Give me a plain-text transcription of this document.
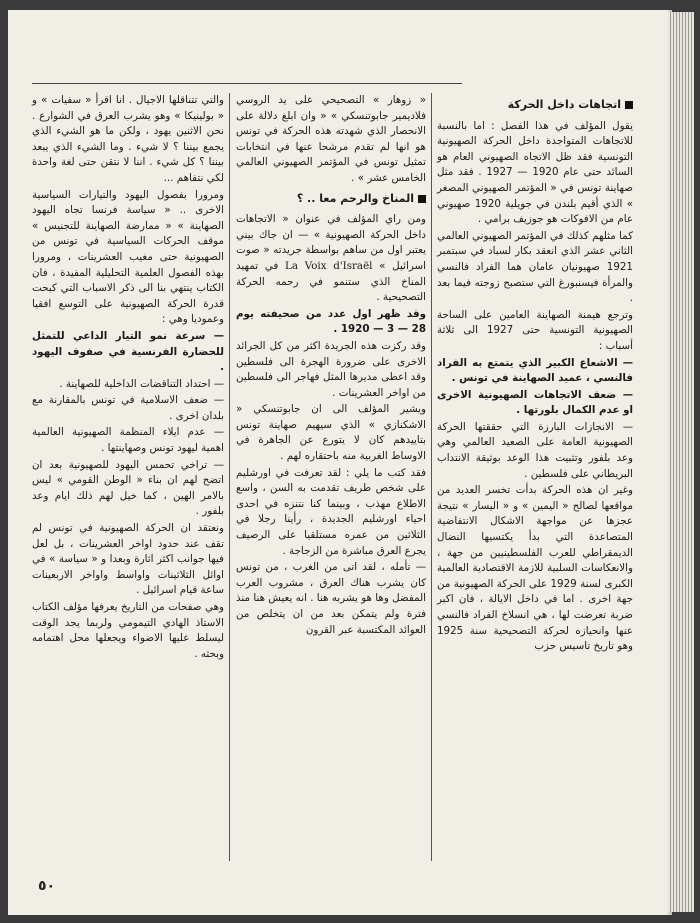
اتجاهات داخل الحركة

يقول المؤلف في هذا الفصل : اما بالنسبة للاتجاهات المتواجدة داخل الحركة الصهيونية التونسية فقد ظل الاتجاه الصهيوني العام هو السائد حتى عام 1920 — 1927 . فقد مثل صهاينة تونس في « المؤتمر الصهيوني المصغر » الذي أقيم بلندن في جويلية 1920 صهيوني عام من الافوكات هو جوزيف برامي .

كما مثلهم كذلك في المؤتمر الصهيوني العالمي الثاني عشر الذي انعقد بكار لسباد في سبتمبر 1921 صهيونيان عامان هما الفراد فالنسي والمرأة فيسنبورغ التي ستصبح زوجته فيما بعد .

وترجع هيمنة الصهاينة العامين على الساحة الصهيونية التونسية حتى 1927 الى ثلاثة أسباب :

— الاشعاع الكبير الذي يتمتع به الفراد فالنسي ، عميد الصهاينة في تونس .

— ضعف الاتجاهات الصهيونية الاخرى او عدم الكمال بلورتها .

— الانجازات البارزة التي حققتها الحركة الصهيونية العامة على الصعيد العالمي وهي وعد بلفور وتثبيت هذا الوعد بوثيقة الانتداب البريطاني على فلسطين .

وغير ان هذه الحركة بدأت تخسر العديد من مواقعها لصالح « اليمين » و « اليسار » نتيجة عجزها عن مواجهة الاشكال الانتفاضية المتصاعدة التي بدأ يكتسيها النضال الديمقراطي للعرب الفلسطينيين من جهة ، والانعكاسات السلبية للازمة الاقتصادية العالمية الكبرى لسنة 1929 على الحركة الصهيونية من جهة اخرى . اما في داخل الايالة ، فان اكبر ضربة تعرضت لها ، هي انسلاخ الفراد فالنسي عنها وانحيازه لحركة التصحيحية سنة 1925 وهو تاريخ تاسيس حزب

« زوهار » التصحيحي على يد الروسي فلاديمير جابوتنسكي » « وان ابلغ دلالة على الانحصار الذي شهدته هذه الحركة في تونس هو انها لم تقدم مرشحا عنها في انتخابات تمثيل تونس في المؤتمر الصهيوني العالمي الخامس عشر » .

المناخ والرحم معا .. ؟

ومن راي المؤلف في عنوان « الاتجاهات داخل الحركة الصهيونية » — ان جاك بيني يعتبر اول من ساهم بواسطة جريدته « صوت اسرائيل » La Voix d'Israël في تمهيد المناخ الذي ستنمو في رحمه الحركة التصحيحية .

وقد ظهر اول عدد من صحيفته يوم 28 — 3 — 1920 .

وقد ركزت هذه الجريدة اكثر من كل الجرائد الاخرى على ضرورة الهجرة الى فلسطين وقد اعطى مديرها المثل فهاجر الى فلسطين من اواخر العشرينات .

ويشير المؤلف الى ان جابوتنسكي « الاشكنازي » الذي سيهيم صهاينة تونس بتاييدهم كان لا يتورع عن الجاهرة في الاوساط الغربية منه باحتقاره لهم .

فقد كتب ما يلي : لقد تعرفت في اورشليم على شخص طريف تقدمت به السن ، واسع الاطلاع مهذب ، وبينما كنا نتنزه في احدى احياء اورشليم الجديدة ، رأينا رجلا في الثلاثين من عمره مستلقيا على الرصيف يجرع العرق مباشرة من الزجاجة .

— تأمله ، لقد اتى من الغرب ، من تونس كان يشرب هناك العرق ، مشروب العرب المفضل وها هو يشربه هنا . انه يعيش هنا منذ فترة ولم يتمكن بعد من ان يتخلص من العوائد المكتسبة عبر القرون

والتي تتناقلها الاجيال . انا اقرأ « سفيات » و « بولينيكا » وهو يشرب العرق في الشوارع . نحن الاثنين يهود ، ولكن ما هو الشيء الذي يجمع بيننا ؟ لا شيء . وما الشيء الذي يبعد بيننا ؟ كل شيء . اننا لا نتقن حتى لغة واحدة لكي نتفاهم ...

ومرورا بفصول اليهود والتيارات السياسية الاخرى .. « سياسة فرنسا تجاه اليهود الصهاينة » « ممارضة الصهاينة للتجنيس » موقف الحركات السياسية في تونس من الصهيونية حتى مغيب العشرينات ، ومرورا بهذه الفصول العلمية التحليلية المفيدة ، فان الكتاب ينتهي بنا الى ذكر الاسباب التي كبحت قدرة الحركة الصهيونية على التوسع افقيا وعموديا وهي :

— سرعة نمو التيار الداعي للتمثل للحضارة الفرنسية في صفوف اليهود .

— احتداد التناقضات الداخلية للصهاينة .

— ضعف الاسلامية في تونس بالمقارنة مع بلدان اخرى .

— عدم ايلاء المنظمة الصهيونية العالمية اهمية ليهود تونس وصهاينتها .

— تراخي تحمس اليهود للصهيونية بعد ان اتضح لهم ان بناء « الوطن القومي » ليس بالامر الهين ، كما خيل لهم ذلك ايام وعد بلفور .

ونعتقد ان الحركة الصهيونية في تونس لم تقف عند حدود اواخر العشرينات ، بل لعل فيها جوانب اكثر اثارة وبعدا و « سياسة » في اوائل الثلاثينات واواسط واواخر الاربعينات ساعة قيام اسرائيل .

وهي صفحات من التاريخ يعرفها مؤلف الكتاب الاستاذ الهادي التيمومي ولربما يجد الوقت ليسلط عليها الاضواء ويجعلها محل اهتمامه وبحثه .

٥٠
